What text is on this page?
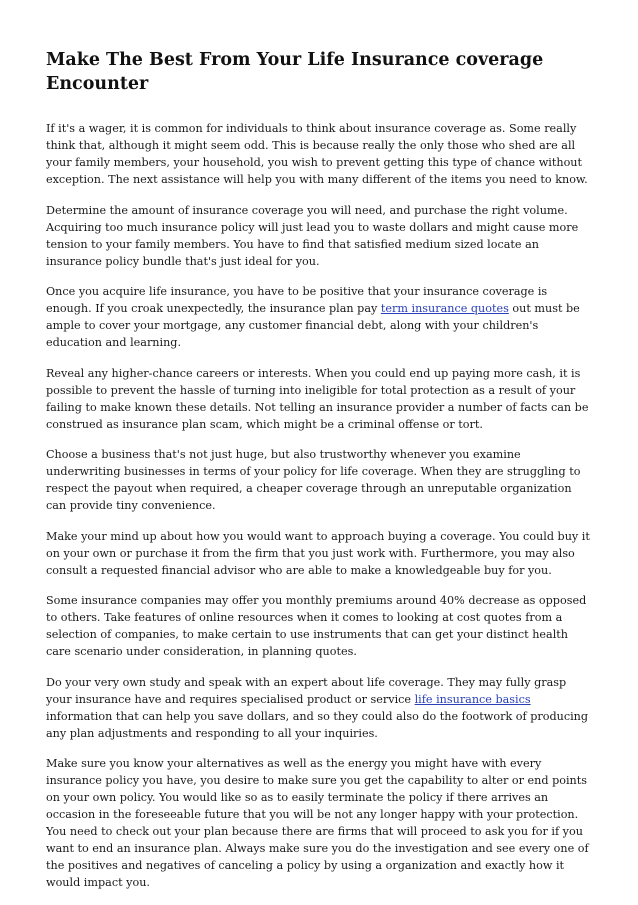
Make The Best From Your Life Insurance coverage Encounter

If it's a wager, it is common for individuals to think about insurance coverage as. Some really think that, although it might seem odd. This is because really the only those who shed are all your family members, your household, you wish to prevent getting this type of chance without exception. The next assistance will help you with many different of the items you need to know.

Determine the amount of insurance coverage you will need, and purchase the right volume. Acquiring too much insurance policy will just lead you to waste dollars and might cause more tension to your family members. You have to find that satisfied medium sized locate an insurance policy bundle that's just ideal for you.

Once you acquire life insurance, you have to be positive that your insurance coverage is enough. If you croak unexpectedly, the insurance plan pay term insurance quotes out must be ample to cover your mortgage, any customer financial debt, along with your children's education and learning.

Reveal any higher-chance careers or interests. When you could end up paying more cash, it is possible to prevent the hassle of turning into ineligible for total protection as a result of your failing to make known these details. Not telling an insurance provider a number of facts can be construed as insurance plan scam, which might be a criminal offense or tort.

Choose a business that's not just huge, but also trustworthy whenever you examine underwriting businesses in terms of your policy for life coverage. When they are struggling to respect the payout when required, a cheaper coverage through an unreputable organization can provide tiny convenience.

Make your mind up about how you would want to approach buying a coverage. You could buy it on your own or purchase it from the firm that you just work with. Furthermore, you may also consult a requested financial advisor who are able to make a knowledgeable buy for you.

Some insurance companies may offer you monthly premiums around 40% decrease as opposed to others. Take features of online resources when it comes to looking at cost quotes from a selection of companies, to make certain to use instruments that can get your distinct health care scenario under consideration, in planning quotes.

Do your very own study and speak with an expert about life coverage. They may fully grasp your insurance have and requires specialised product or service life insurance basics information that can help you save dollars, and so they could also do the footwork of producing any plan adjustments and responding to all your inquiries.

Make sure you know your alternatives as well as the energy you might have with every insurance policy you have, you desire to make sure you get the capability to alter or end points on your own policy. You would like so as to easily terminate the policy if there arrives an occasion in the foreseeable future that you will be not any longer happy with your protection. You need to check out your plan because there are firms that will proceed to ask you for if you want to end an insurance plan. Always make sure you do the investigation and see every one of the positives and negatives of canceling a policy by using a organization and exactly how it would impact you.
